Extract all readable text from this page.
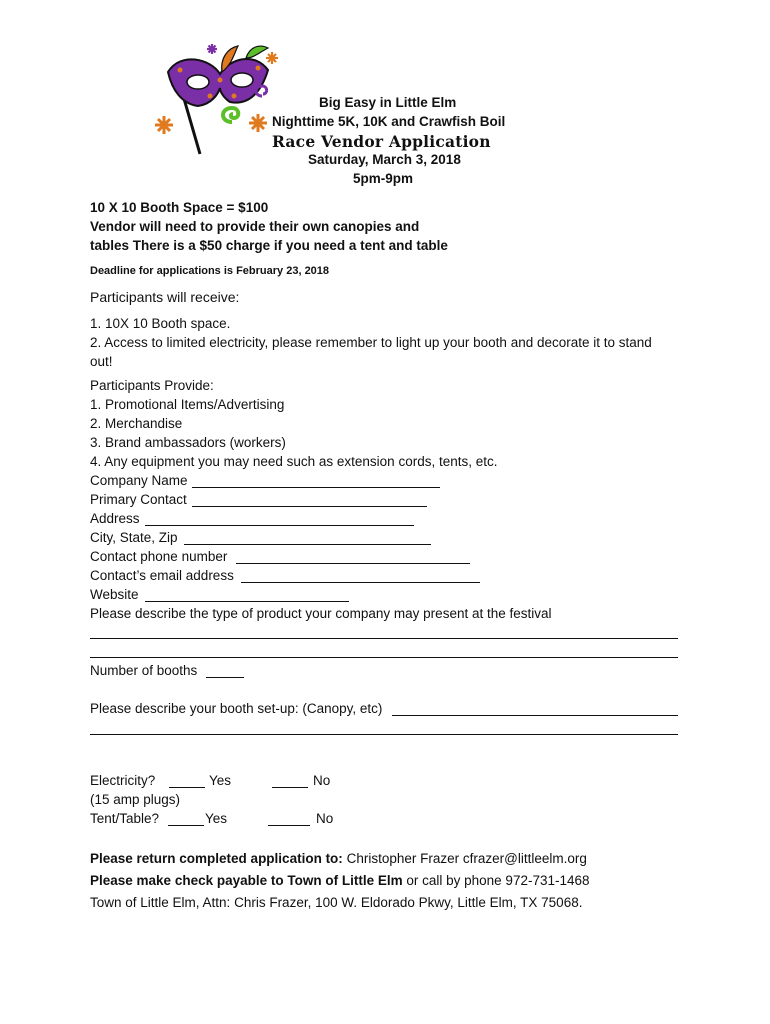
Big Easy in Little Elm
Nighttime 5K, 10K and Crawfish Boil
Race Vendor Application
Saturday, March 3, 2018
5pm-9pm
10 X 10 Booth Space = $100
Vendor will need to provide their own canopies and
tables There is a $50 charge if you need a tent and table
Deadline for applications is February 23, 2018
Participants will receive:
1. 10X 10 Booth space.
2. Access to limited electricity, please remember to light up your booth and decorate it to stand
out!
Participants Provide:
1. Promotional Items/Advertising
2. Merchandise
3. Brand ambassadors (workers)
4. Any equipment you may need such as extension cords, tents, etc.
Company Name
Primary Contact
Address
City, State, Zip
Contact phone number
Contact’s email address
Website
Please describe the type of product your company may present at the festival
Number of booths
Please describe your booth set-up: (Canopy, etc)
Electricity?	Yes	No
(15 amp plugs)
Tent/Table?	Yes	No
Please return completed application to: Christopher Frazer cfrazer@littleelm.org
Please make check payable to Town of Little Elm or call by phone 972-731-1468
Town of Little Elm, Attn: Chris Frazer, 100 W. Eldorado Pkwy, Little Elm, TX 75068.
